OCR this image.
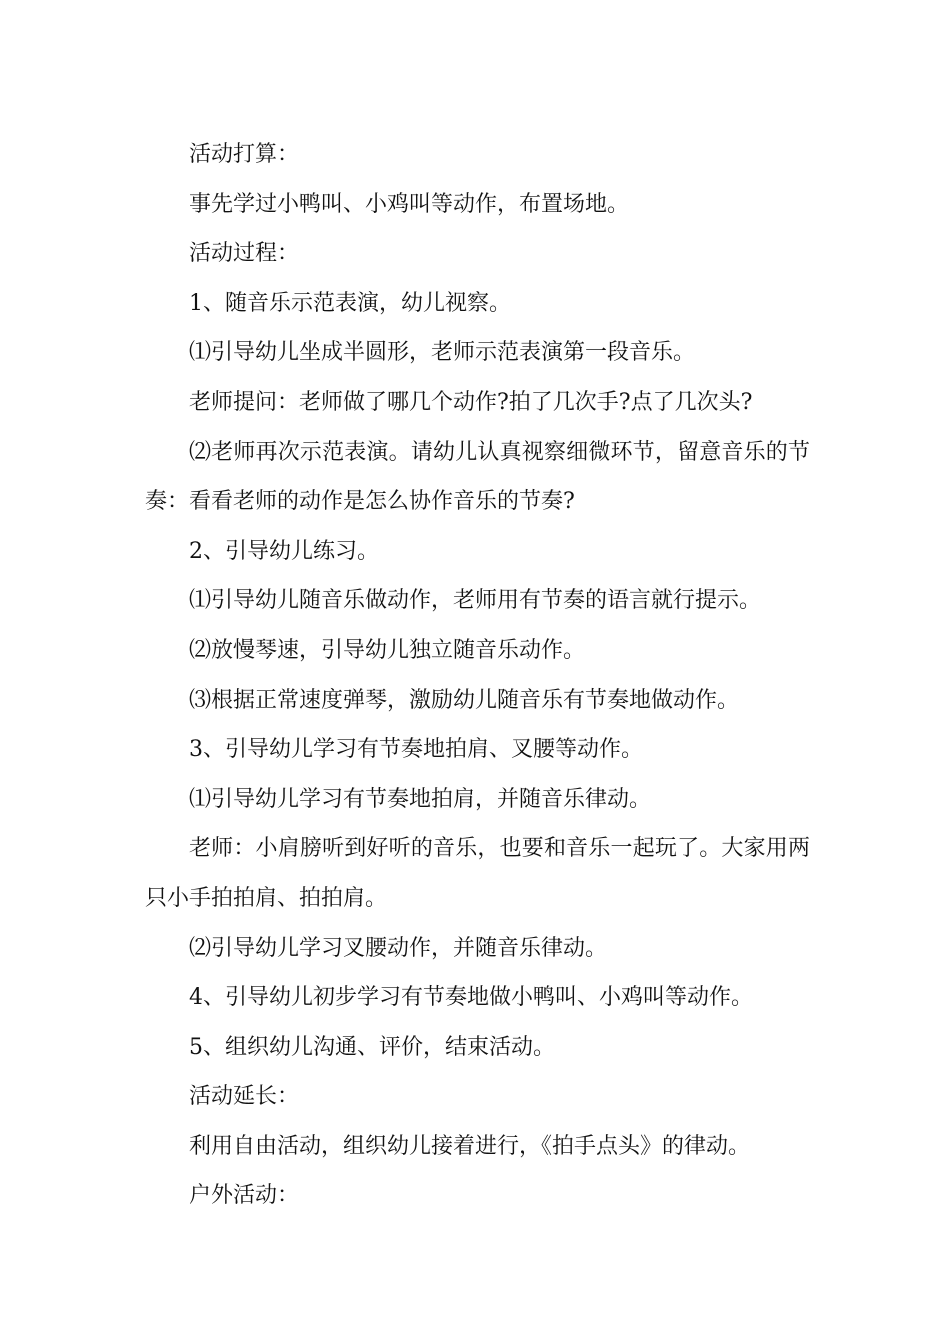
活动打算：

事先学过小鸭叫、小鸡叫等动作，布置场地。

活动过程：

1、随音乐示范表演，幼儿视察。

⑴引导幼儿坐成半圆形，老师示范表演第一段音乐。

老师提问：老师做了哪几个动作?拍了几次手?点了几次头?

⑵老师再次示范表演。请幼儿认真视察细微环节，留意音乐的节奏：看看老师的动作是怎么协作音乐的节奏?

2、引导幼儿练习。

⑴引导幼儿随音乐做动作，老师用有节奏的语言就行提示。

⑵放慢琴速，引导幼儿独立随音乐动作。

⑶根据正常速度弹琴，激励幼儿随音乐有节奏地做动作。

3、引导幼儿学习有节奏地拍肩、叉腰等动作。

⑴引导幼儿学习有节奏地拍肩，并随音乐律动。

老师：小肩膀听到好听的音乐，也要和音乐一起玩了。大家用两只小手拍拍肩、拍拍肩。

⑵引导幼儿学习叉腰动作，并随音乐律动。

4、引导幼儿初步学习有节奏地做小鸭叫、小鸡叫等动作。

5、组织幼儿沟通、评价，结束活动。

活动延长：

利用自由活动，组织幼儿接着进行，《拍手点头》的律动。

户外活动：
